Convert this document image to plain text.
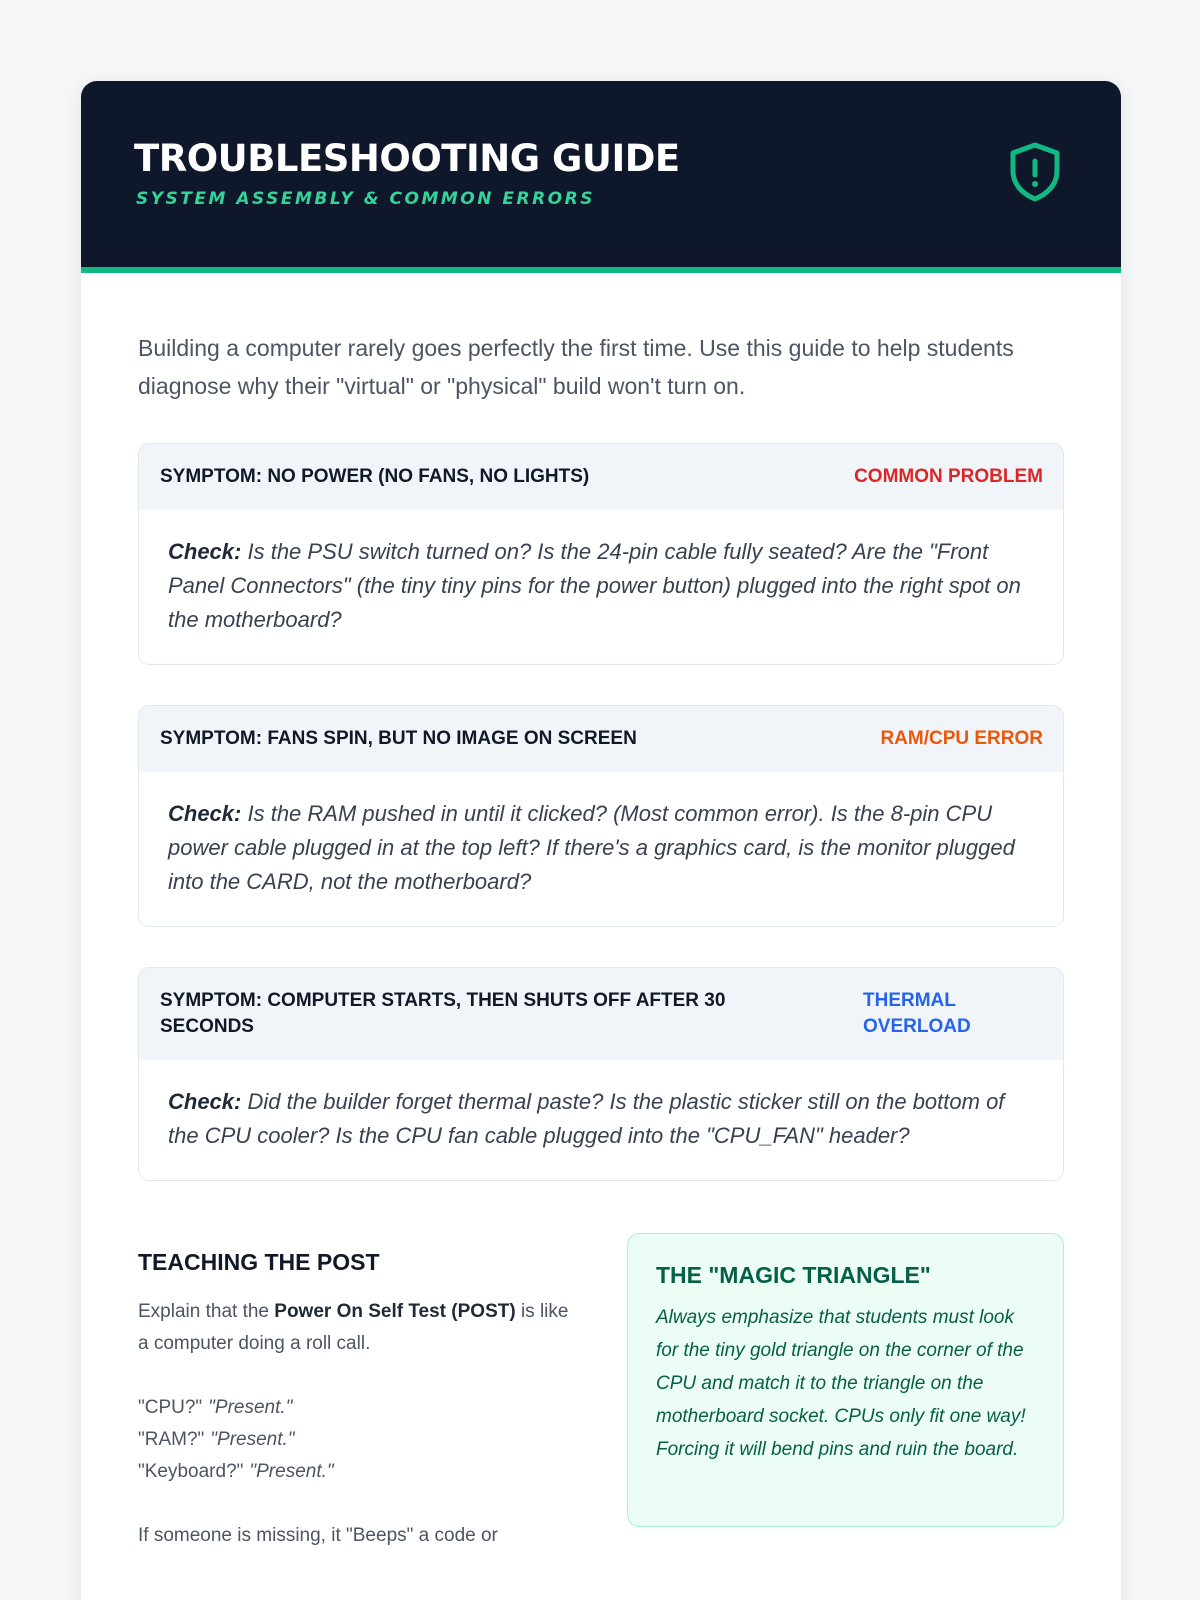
TROUBLESHOOTING GUIDE
SYSTEM ASSEMBLY & COMMON ERRORS

Building a computer rarely goes perfectly the first time. Use this guide to help students diagnose why their "virtual" or "physical" build won't turn on.

SYMPTOM: NO POWER (NO FANS, NO LIGHTS)	COMMON PROBLEM

Check: Is the PSU switch turned on? Is the 24-pin cable fully seated? Are the "Front Panel Connectors" (the tiny tiny pins for the power button) plugged into the right spot on the motherboard?

SYMPTOM: FANS SPIN, BUT NO IMAGE ON SCREEN	RAM/CPU ERROR

Check: Is the RAM pushed in until it clicked? (Most common error). Is the 8-pin CPU power cable plugged in at the top left? If there's a graphics card, is the monitor plugged into the CARD, not the motherboard?

SYMPTOM: COMPUTER STARTS, THEN SHUTS OFF AFTER 30 SECONDS
THERMAL OVERLOAD

Check: Did the builder forget thermal paste? Is the plastic sticker still on the bottom of the CPU cooler? Is the CPU fan cable plugged into the "CPU_FAN" header?

TEACHING THE POST

Explain that the Power On Self Test (POST) is like a computer doing a roll call.

"CPU?" "Present."
"RAM?" "Present."
"Keyboard?" "Present."

If someone is missing, it "Beeps" a code or

THE "MAGIC TRIANGLE"

Always emphasize that students must look for the tiny gold triangle on the corner of the CPU and match it to the triangle on the motherboard socket. CPUs only fit one way! Forcing it will bend pins and ruin the board.
